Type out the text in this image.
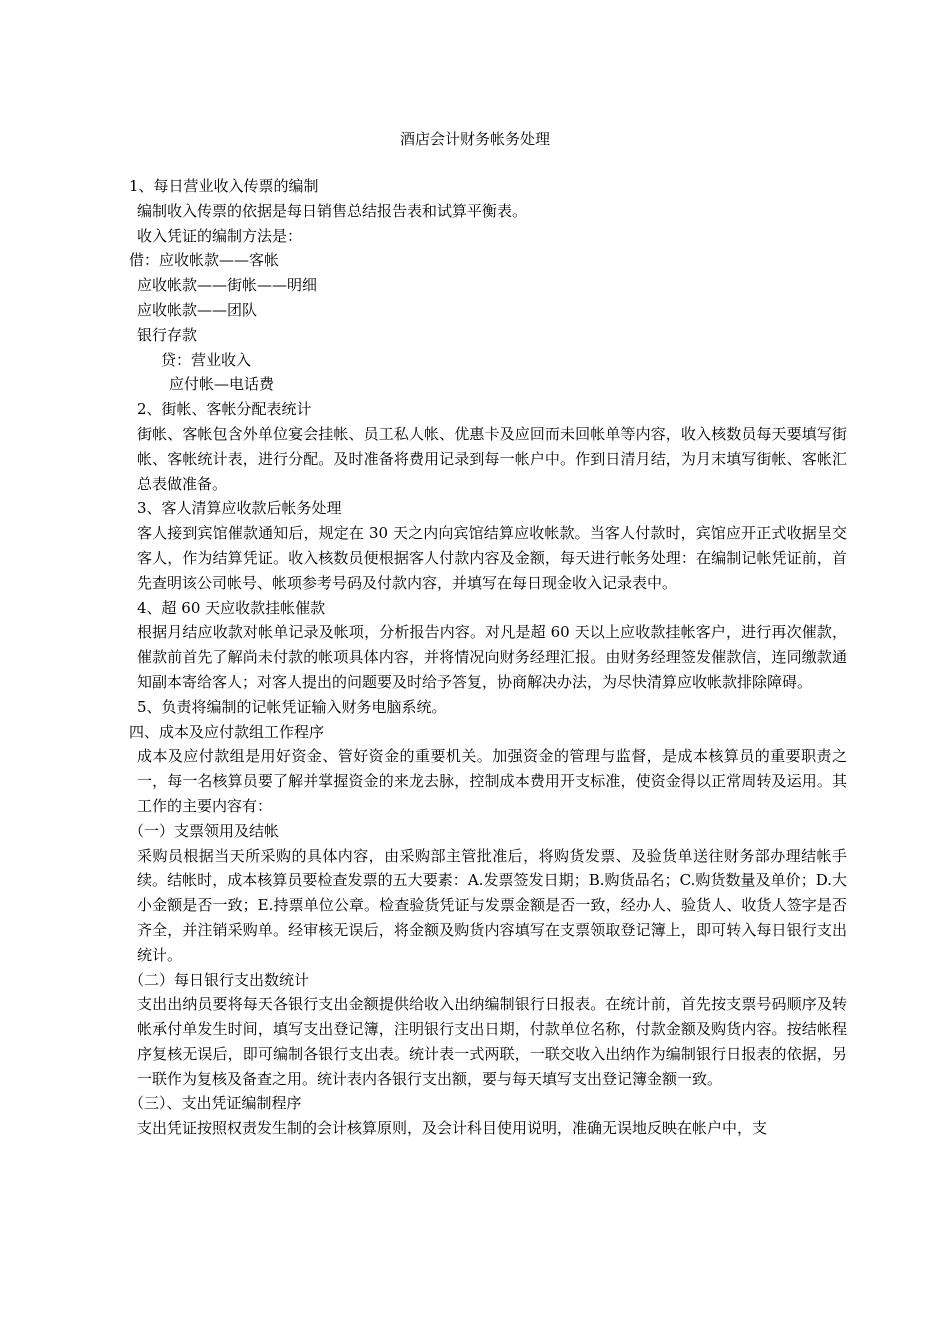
酒店会计财务帐务处理
1、每日营业收入传票的编制
编制收入传票的依据是每日销售总结报告表和试算平衡表。
收入凭证的编制方法是：
借：应收帐款——客帐
应收帐款——街帐——明细
应收帐款——团队
银行存款
贷：营业收入
应付帐—电话费
2、街帐、客帐分配表统计
街帐、客帐包含外单位宴会挂帐、员工私人帐、优惠卡及应回而未回帐单等内容，收入核数员每天要填写街帐、客帐统计表，进行分配。及时准备将费用记录到每一帐户中。作到日清月结，为月末填写街帐、客帐汇总表做准备。
3、客人清算应收款后帐务处理
客人接到宾馆催款通知后，规定在 30 天之内向宾馆结算应收帐款。当客人付款时，宾馆应开正式收据呈交客人，作为结算凭证。收入核数员便根据客人付款内容及金额，每天进行帐务处理：在编制记帐凭证前，首先查明该公司帐号、帐项参考号码及付款内容，并填写在每日现金收入记录表中。
4、超 60 天应收款挂帐催款
根据月结应收款对帐单记录及帐项，分析报告内容。对凡是超 60 天以上应收款挂帐客户，进行再次催款，催款前首先了解尚未付款的帐项具体内容，并将情况向财务经理汇报。由财务经理签发催款信，连同缴款通知副本寄给客人；对客人提出的问题要及时给予答复，协商解决办法，为尽快清算应收帐款排除障碍。
5、负责将编制的记帐凭证输入财务电脑系统。
四、成本及应付款组工作程序
成本及应付款组是用好资金、管好资金的重要机关。加强资金的管理与监督，是成本核算员的重要职责之一，每一名核算员要了解并掌握资金的来龙去脉，控制成本费用开支标准，使资金得以正常周转及运用。其工作的主要内容有：
（一）支票领用及结帐
采购员根据当天所采购的具体内容，由采购部主管批准后，将购货发票、及验货单送往财务部办理结帐手续。结帐时，成本核算员要检查发票的五大要素：A.发票签发日期；B.购货品名；C.购货数量及单价；D.大小金额是否一致；E.持票单位公章。检查验货凭证与发票金额是否一致，经办人、验货人、收货人签字是否齐全，并注销采购单。经审核无误后，将金额及购货内容填写在支票领取登记簿上，即可转入每日银行支出统计。
（二）每日银行支出数统计
支出出纳员要将每天各银行支出金额提供给收入出纳编制银行日报表。在统计前，首先按支票号码顺序及转帐承付单发生时间，填写支出登记簿，注明银行支出日期，付款单位名称，付款金额及购货内容。按结帐程序复核无误后，即可编制各银行支出表。统计表一式两联，一联交收入出纳作为编制银行日报表的依据，另一联作为复核及备查之用。统计表内各银行支出额，要与每天填写支出登记簿金额一致。
（三）、支出凭证编制程序
支出凭证按照权责发生制的会计核算原则，及会计科目使用说明，准确无误地反映在帐户中，支
